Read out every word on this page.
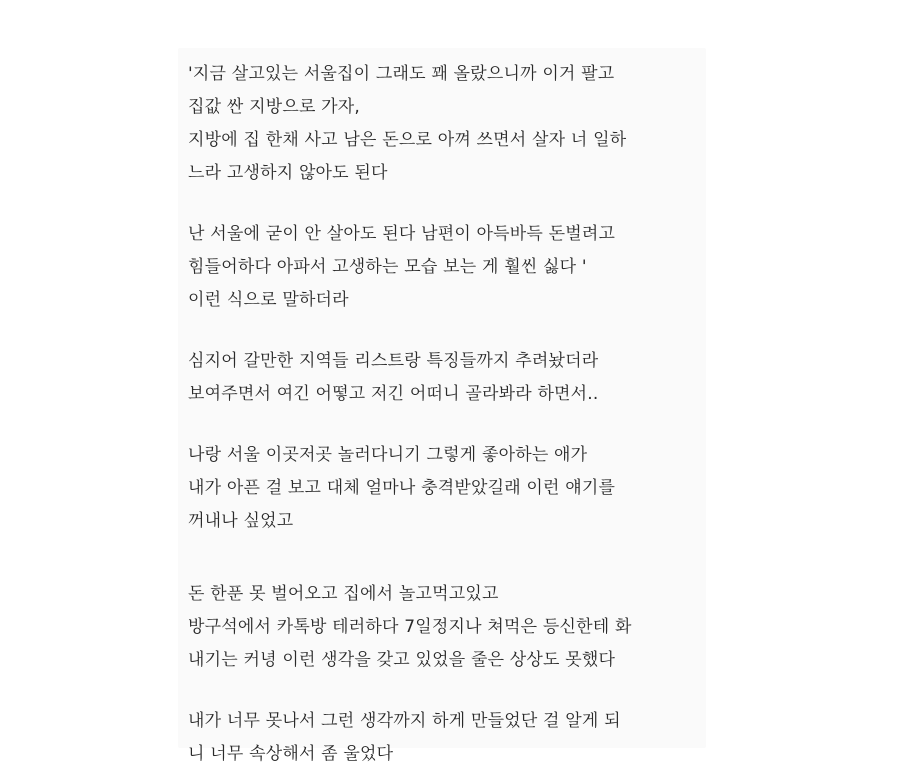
'지금 살고있는 서울집이 그래도 꽤 올랐으니까 이거 팔고
집값 싼 지방으로 가자,
지방에 집 한채 사고 남은 돈으로 아껴 쓰면서 살자 너 일하
느라 고생하지 않아도 된다

난 서울에 굳이 안 살아도 된다 남편이 아득바득 돈벌려고
힘들어하다 아파서 고생하는 모습 보는 게 훨씬 싫다 '
이런 식으로 말하더라

심지어 갈만한 지역들 리스트랑 특징들까지 추려놨더라
보여주면서 여긴 어떻고 저긴 어떠니 골라봐라 하면서..

나랑 서울 이곳저곳 놀러다니기 그렇게 좋아하는 애가
내가 아픈 걸 보고 대체 얼마나 충격받았길래 이런 얘기를
꺼내나 싶었고

돈 한푼 못 벌어오고 집에서 놀고먹고있고
방구석에서 카톡방 테러하다 7일정지나 쳐먹은 등신한테 화
내기는 커녕 이런 생각을 갖고 있었을 줄은 상상도 못했다

내가 너무 못나서 그런 생각까지 하게 만들었단 걸 알게 되
니 너무 속상해서 좀 울었다
